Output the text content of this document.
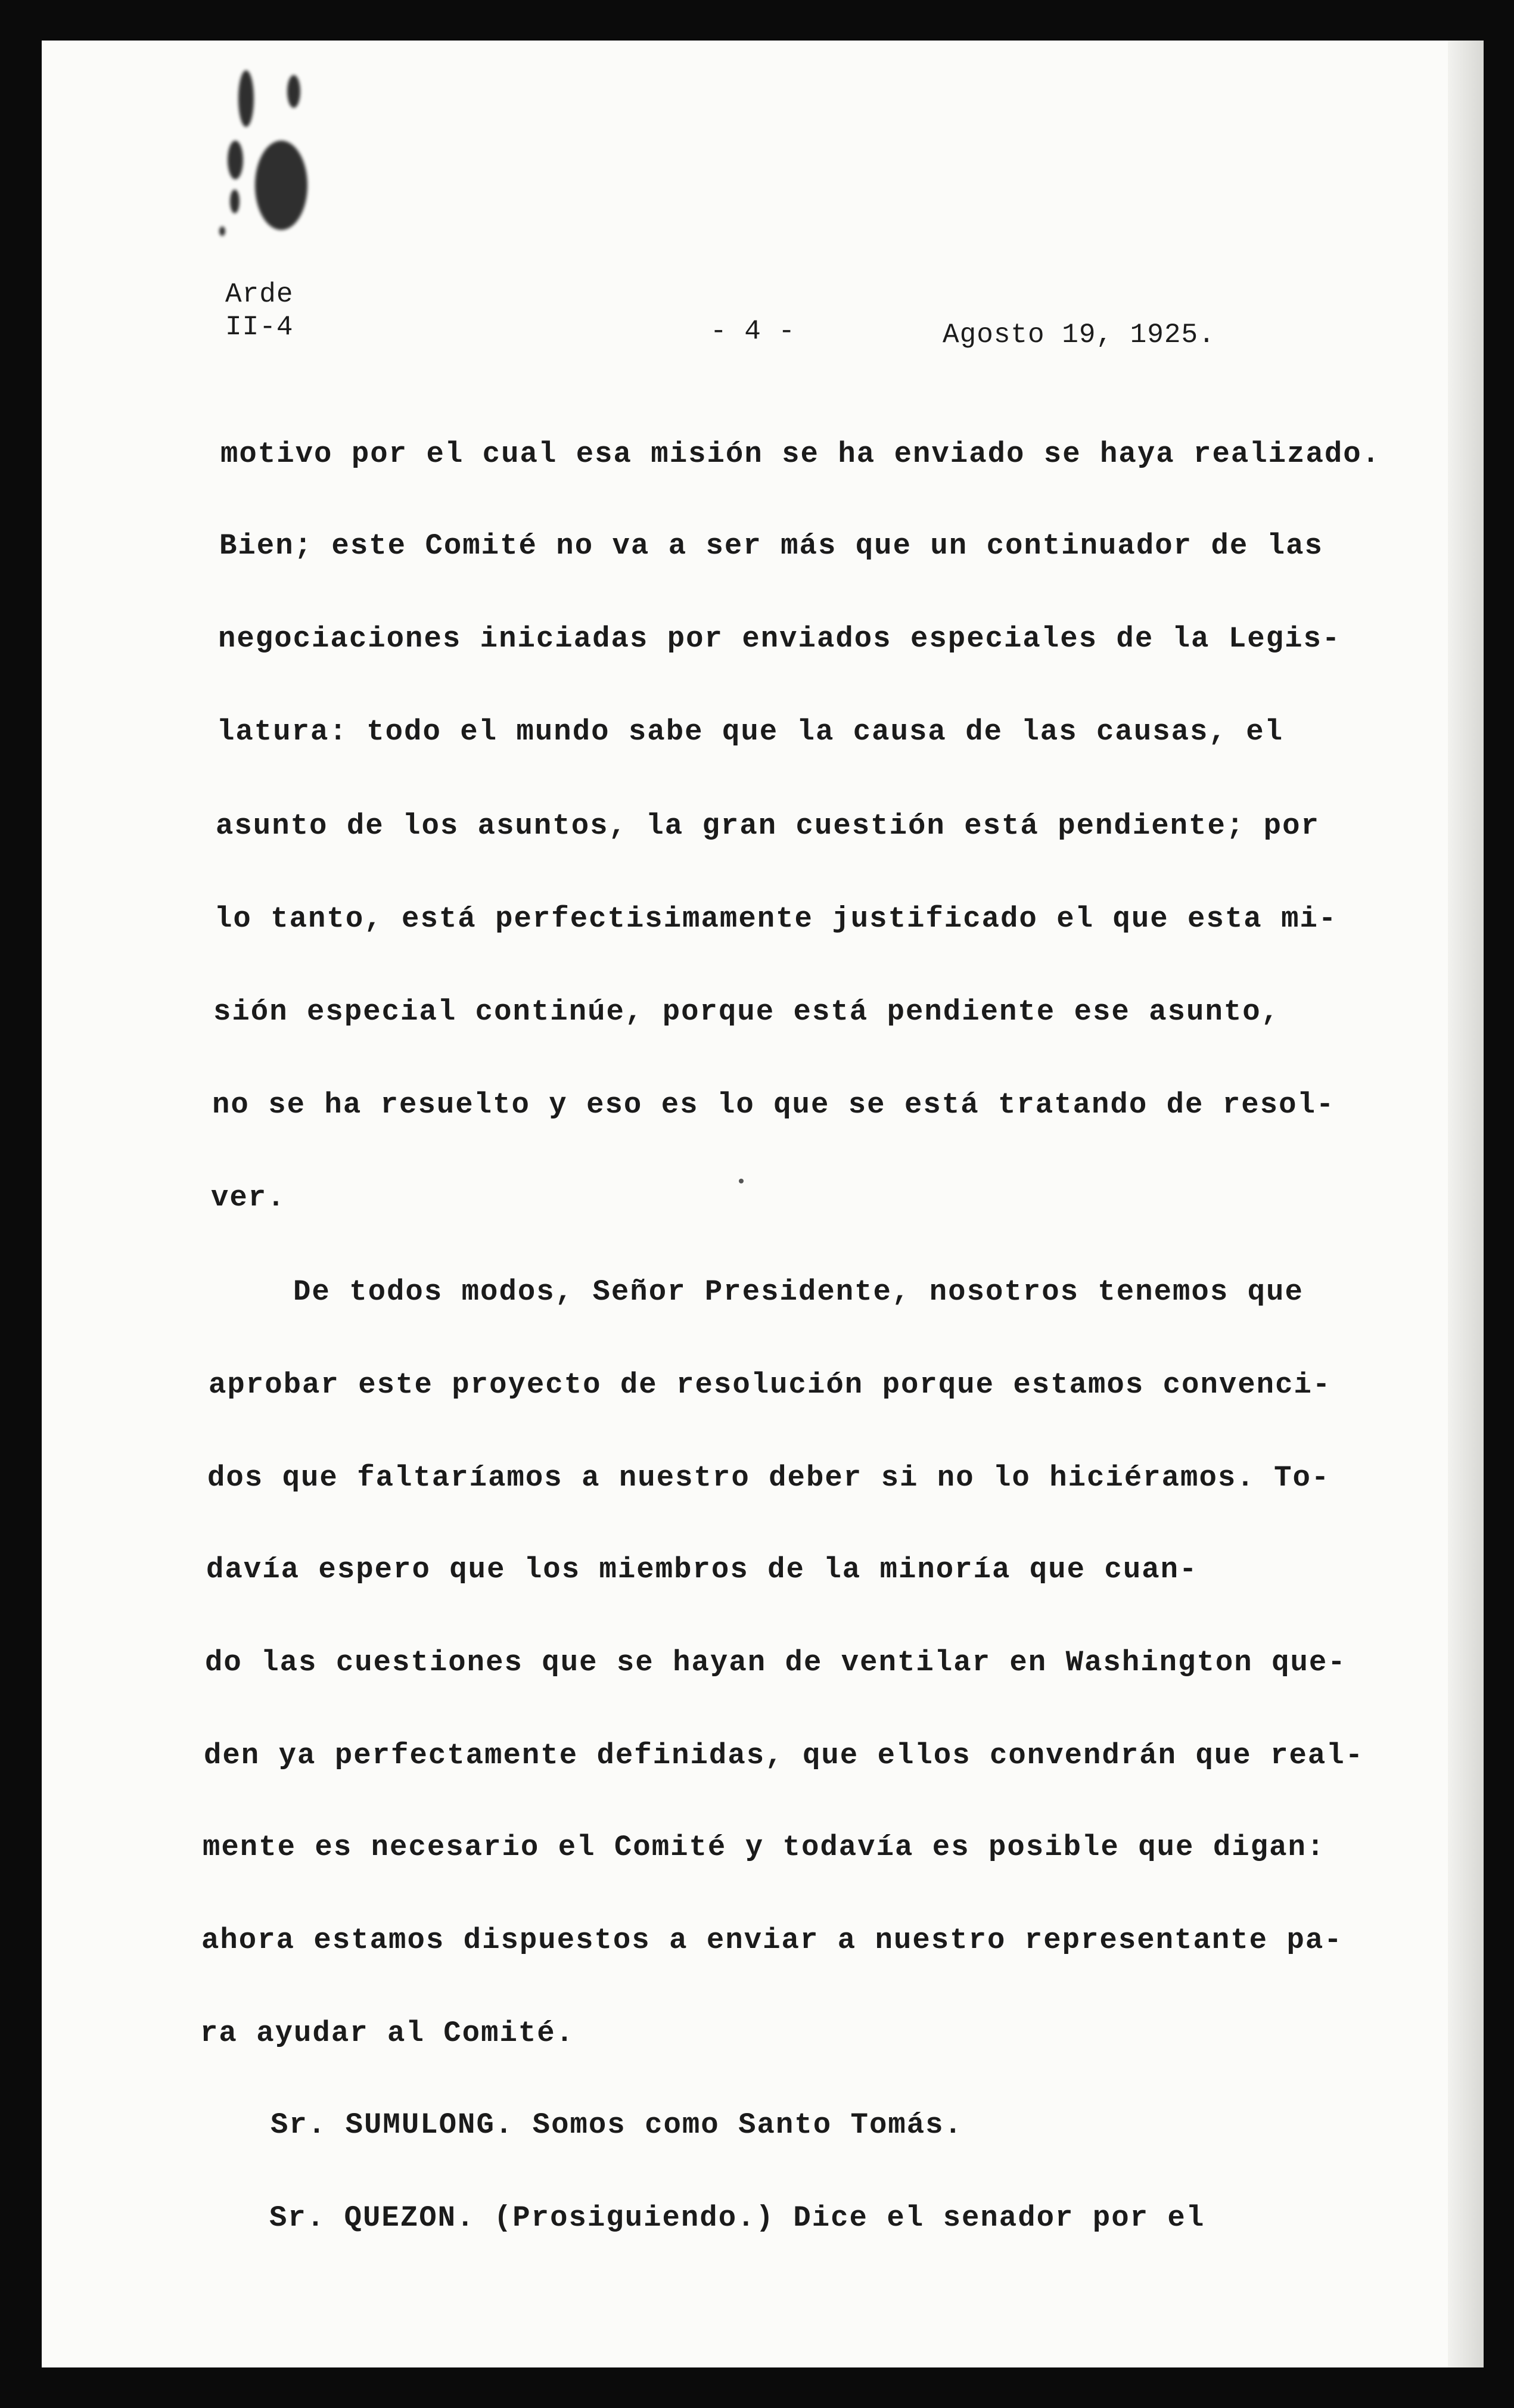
Arde
II-4	- 4 -	Agosto 19, 1925.
motivo por el cual esa misión se ha enviado se haya realizado.
Bien; este Comité no va a ser más que un continuador de las
negociaciones iniciadas por enviados especiales de la Legis-
latura: todo el mundo sabe que la causa de las causas, el
asunto de los asuntos, la gran cuestión está pendiente; por
lo tanto, está perfectisimamente justificado el que esta mi-
sión especial continúe, porque está pendiente ese asunto,
no se ha resuelto y eso es lo que se está tratando de resol-
ver.
De todos modos, Señor Presidente, nosotros tenemos que
aprobar este proyecto de resolución porque estamos convenci-
dos que faltaríamos a nuestro deber si no lo hiciéramos. To-
davía espero que los miembros de la minoría que cuan-
do las cuestiones que se hayan de ventilar en Washington que-
den ya perfectamente definidas, que ellos convendrán que real-
mente es necesario el Comité y todavía es posible que digan:
ahora estamos dispuestos a enviar a nuestro representante pa-
ra ayudar al Comité.
Sr. SUMULONG. Somos como Santo Tomás.
Sr. QUEZON. (Prosiguiendo.) Dice el senador por el
